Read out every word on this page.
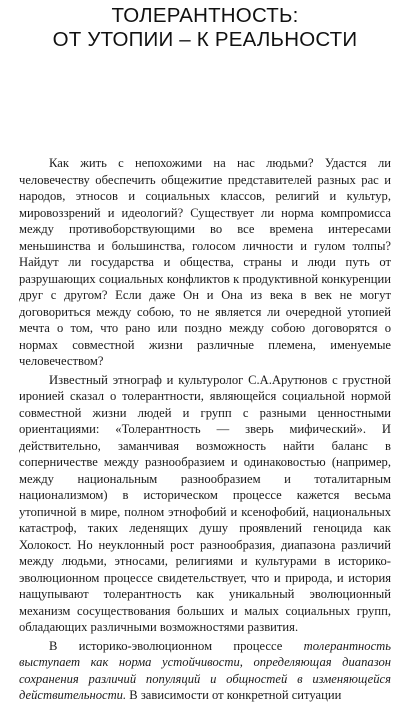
ТОЛЕРАНТНОСТЬ:
ОТ УТОПИИ – К РЕАЛЬНОСТИ

Как жить с непохожими на нас людьми? Удастся ли человечеству обеспечить общежитие представителей разных рас и народов, этносов и социальных классов, религий и культур, мировоззрений и идеологий? Существует ли норма компромисса между противоборствующими во все времена интересами меньшинства и большинства, голосом личности и гулом толпы? Найдут ли государства и общества, страны и люди путь от разрушающих социальных конфликтов к продуктивной конкуренции друг с другом? Если даже Он и Она из века в век не могут договориться между собою, то не является ли очередной утопией мечта о том, что рано или поздно между собою договорятся о нормах совместной жизни различные племена, именуемые человечеством?

Известный этнограф и культуролог С.А.Арутюнов с грустной иронией сказал о толерантности, являющейся социальной нормой совместной жизни людей и групп с разными ценностными ориентациями: «Толерантность — зверь мифический». И действительно, заманчивая возможность найти баланс в соперничестве между разнообразием и одинаковостью (например, между национальным разнообразием и тоталитарным национализмом) в историческом процессе кажется весьма утопичной в мире, полном этнофобий и ксенофобий, национальных катастроф, таких леденящих душу проявлений геноцида как Холокост. Но неуклонный рост разнообразия, диапазона различий между людьми, этносами, религиями и культурами в историко-эволюционном процессе свидетельствует, что и природа, и история нащупывают толерантность как уникальный эволюционный механизм сосуществования больших и малых социальных групп, обладающих различными возможностями развития.

В историко-эволюционном процессе толерантность выступает как норма устойчивости, определяющая диапазон сохранения различий популяций и общностей в изменяющейся действительности. В зависимости от конкретной ситуации
